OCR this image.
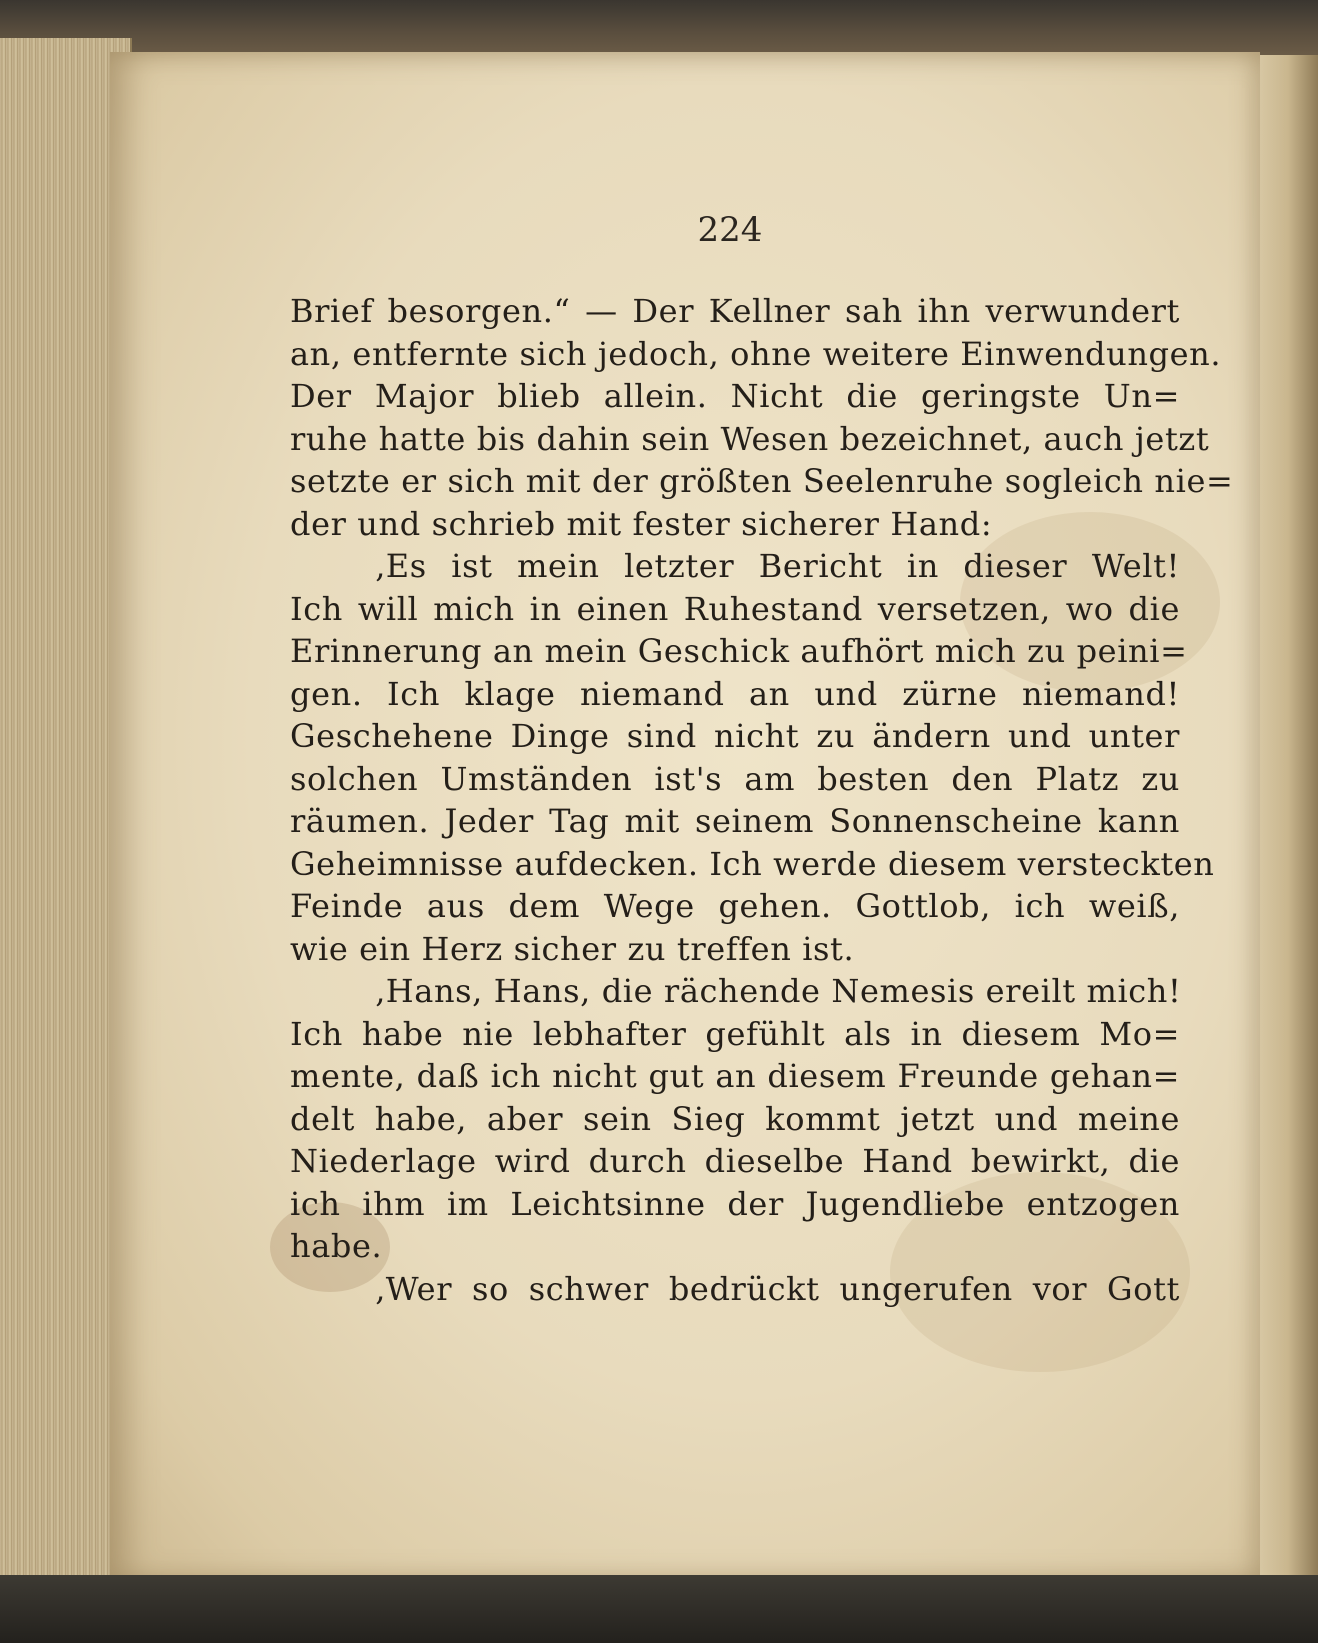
224
Brief besorgen.“ — Der Kellner sah ihn verwundert
an, entfernte sich jedoch, ohne weitere Einwendungen.
Der Major blieb allein. Nicht die geringste Un=
ruhe hatte bis dahin sein Wesen bezeichnet, auch jetzt
setzte er sich mit der größten Seelenruhe sogleich nie=
der und schrieb mit fester sicherer Hand:
‚Es ist mein letzter Bericht in dieser Welt!
Ich will mich in einen Ruhestand versetzen, wo die
Erinnerung an mein Geschick aufhört mich zu peini=
gen. Ich klage niemand an und zürne niemand!
Geschehene Dinge sind nicht zu ändern und unter
solchen Umständen ist's am besten den Platz zu
räumen. Jeder Tag mit seinem Sonnenscheine kann
Geheimnisse aufdecken. Ich werde diesem versteckten
Feinde aus dem Wege gehen. Gottlob, ich weiß,
wie ein Herz sicher zu treffen ist.
‚Hans, Hans, die rächende Nemesis ereilt mich!
Ich habe nie lebhafter gefühlt als in diesem Mo=
mente, daß ich nicht gut an diesem Freunde gehan=
delt habe, aber sein Sieg kommt jetzt und meine
Niederlage wird durch dieselbe Hand bewirkt, die
ich ihm im Leichtsinne der Jugendliebe entzogen
habe.
‚Wer so schwer bedrückt ungerufen vor Gott
